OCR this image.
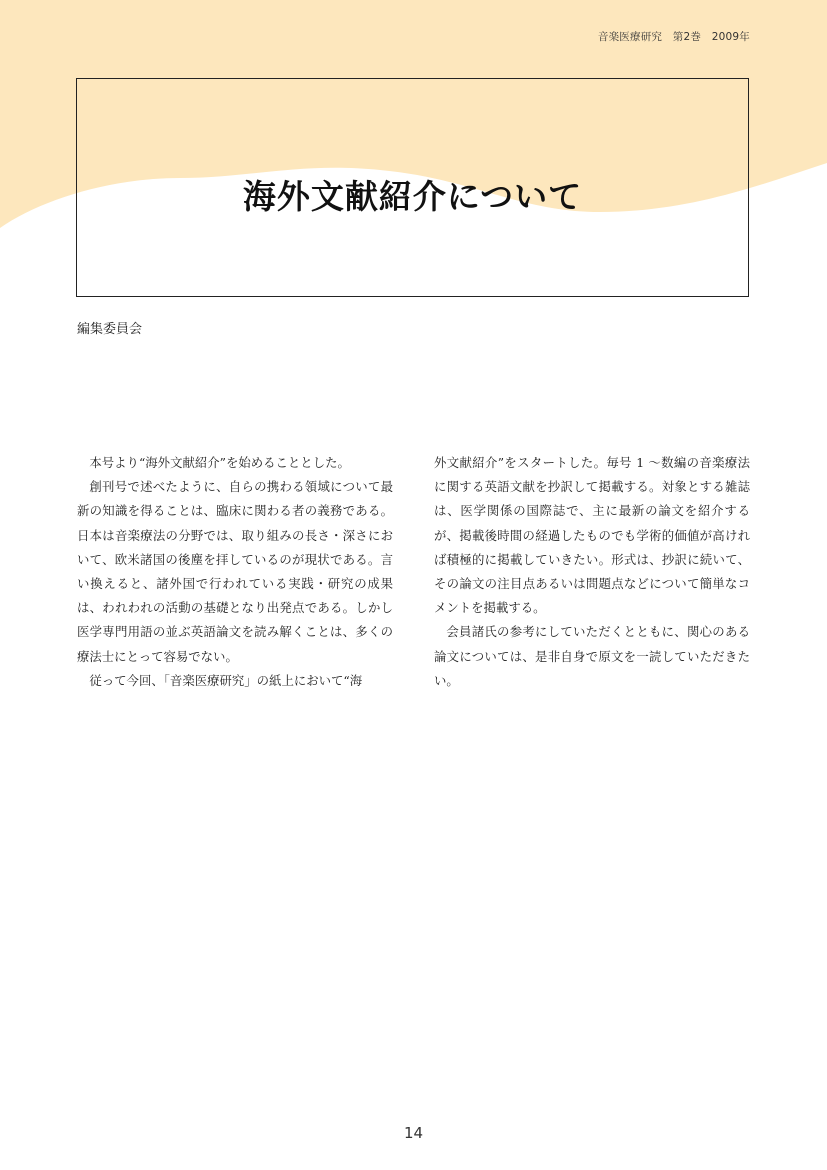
音楽医療研究　第2巻　2009年
海外文献紹介について
編集委員会

本号より“海外文献紹介”を始めることとした。

創刊号で述べたように、自らの携わる領域について最新の知識を得ることは、臨床に関わる者の義務である。日本は音楽療法の分野では、取り組みの長さ・深さにおいて、欧米諸国の後塵を拝しているのが現状である。言い換えると、諸外国で行われている実践・研究の成果は、われわれの活動の基礎となり出発点である。しかし医学専門用語の並ぶ英語論文を読み解くことは、多くの療法士にとって容易でない。

従って今回、「音楽医療研究」の紙上において“海

外文献紹介”をスタートした。毎号 1 〜数編の音楽療法に関する英語文献を抄訳して掲載する。対象とする雑誌は、医学関係の国際誌で、主に最新の論文を紹介するが、掲載後時間の経過したものでも学術的価値が高ければ積極的に掲載していきたい。形式は、抄訳に続いて、その論文の注目点あるいは問題点などについて簡単なコメントを掲載する。

会員諸氏の参考にしていただくとともに、関心のある論文については、是非自身で原文を一読していただきたい。

14
